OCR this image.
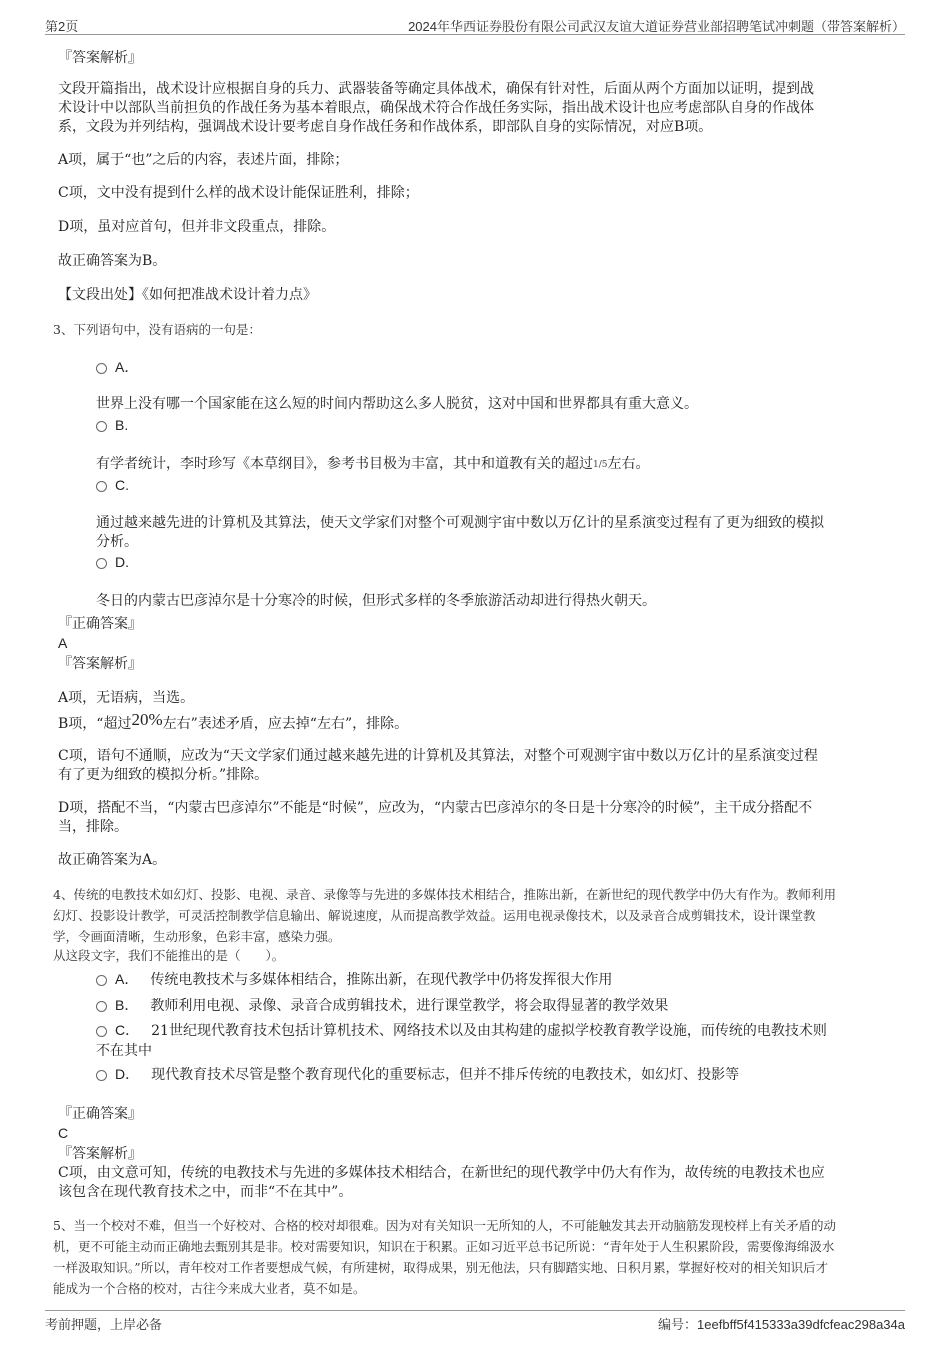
第2页	2024年华西证券股份有限公司武汉友谊大道证券营业部招聘笔试冲刺题（带答案解析）
『答案解析』
文段开篇指出，战术设计应根据自身的兵力、武器装备等确定具体战术，确保有针对性，后面从两个方面加以证明，提到战
术设计中以部队当前担负的作战任务为基本着眼点，确保战术符合作战任务实际，指出战术设计也应考虑部队自身的作战体
系，文段为并列结构，强调战术设计要考虑自身作战任务和作战体系，即部队自身的实际情况，对应B项。
A项，属于“也”之后的内容，表述片面，排除；
C项，文中没有提到什么样的战术设计能保证胜利，排除；
D项，虽对应首句，但并非文段重点，排除。
故正确答案为B。
【文段出处】《如何把准战术设计着力点》
3、下列语句中，没有语病的一句是：
A．
世界上没有哪一个国家能在这么短的时间内帮助这么多人脱贫，这对中国和世界都具有重大意义。
B.
有学者统计，李时珍写《本草纲目》，参考书目极为丰富，其中和道教有关的超过1/5左右。
C.
通过越来越先进的计算机及其算法，使天文学家们对整个可观测宇宙中数以万亿计的星系演变过程有了更为细致的模拟
分析。
D.
冬日的内蒙古巴彦淖尔是十分寒冷的时候，但形式多样的冬季旅游活动却进行得热火朝天。
『正确答案』
A
『答案解析』
A项，无语病，当选。
B项，“超过20%左右”表述矛盾，应去掉“左右”，排除。
C项，语句不通顺，应改为“天文学家们通过越来越先进的计算机及其算法，对整个可观测宇宙中数以万亿计的星系演变过程
有了更为细致的模拟分析。”排除。
D项，搭配不当，“内蒙古巴彦淖尔”不能是“时候”，应改为，“内蒙古巴彦淖尔的冬日是十分寒冷的时候”，主干成分搭配不
当，排除。
故正确答案为A。
4、传统的电教技术如幻灯、投影、电视、录音、录像等与先进的多媒体技术相结合，推陈出新，在新世纪的现代教学中仍大有作为。教师利用
幻灯、投影设计教学，可灵活控制教学信息输出、解说速度，从而提高教学效益。运用电视录像技术，以及录音合成剪辑技术，设计课堂教
学，令画面清晰，生动形象，色彩丰富，感染力强。
从这段文字，我们不能推出的是（　　）。
A． 传统电教技术与多媒体相结合，推陈出新，在现代教学中仍将发挥很大作用
B． 教师利用电视、录像、录音合成剪辑技术，进行课堂教学，将会取得显著的教学效果
C． 21世纪现代教育技术包括计算机技术、网络技术以及由其构建的虚拟学校教育教学设施，而传统的电教技术则
不在其中
D． 现代教育技术尽管是整个教育现代化的重要标志，但并不排斥传统的电教技术，如幻灯、投影等
『正确答案』
C
『答案解析』
C项，由文意可知，传统的电教技术与先进的多媒体技术相结合，在新世纪的现代教学中仍大有作为，故传统的电教技术也应
该包含在现代教育技术之中，而非“不在其中”。
5、当一个校对不难，但当一个好校对、合格的校对却很难。因为对有关知识一无所知的人，不可能触发其去开动脑筋发现校样上有关矛盾的动
机，更不可能主动而正确地去甄别其是非。校对需要知识，知识在于积累。正如习近平总书记所说：“青年处于人生积累阶段，需要像海绵汲水
一样汲取知识。”所以，青年校对工作者要想成气候，有所建树，取得成果，别无他法，只有脚踏实地、日积月累，掌握好校对的相关知识后才
能成为一个合格的校对，古往今来成大业者，莫不如是。
考前押题，上岸必备	编号：1eefbff5f415333a39dfcfeac298a34a
